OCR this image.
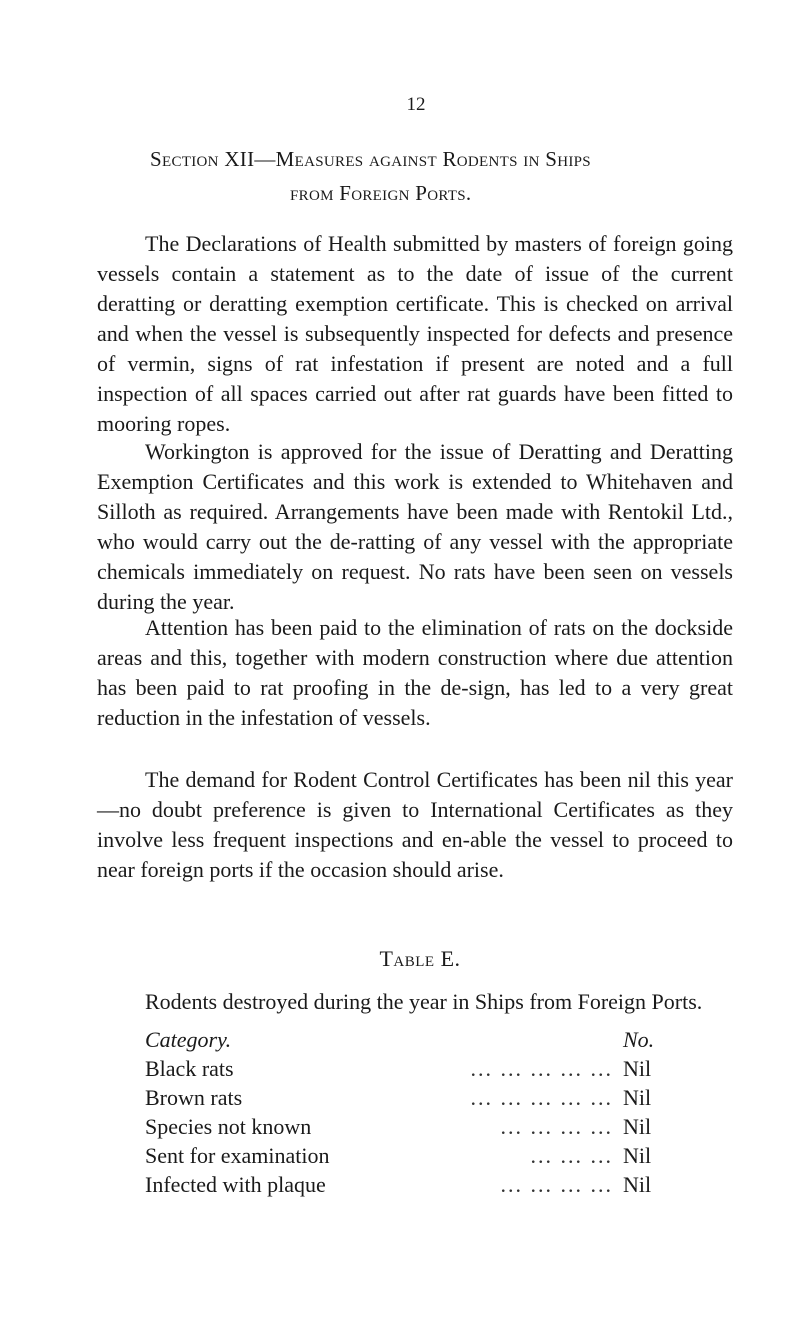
12
Section XII—Measures against Rodents in Ships
from Foreign Ports.

The Declarations of Health submitted by masters of foreign going vessels contain a statement as to the date of issue of the current deratting or deratting exemption certificate. This is checked on arrival and when the vessel is subsequently inspected for defects and presence of vermin, signs of rat infestation if present are noted and a full inspection of all spaces carried out after rat guards have been fitted to mooring ropes.

Workington is approved for the issue of Deratting and Deratting Exemption Certificates and this work is extended to Whitehaven and Silloth as required. Arrangements have been made with Rentokil Ltd., who would carry out the de-ratting of any vessel with the appropriate chemicals immediately on request. No rats have been seen on vessels during the year.

Attention has been paid to the elimination of rats on the dockside areas and this, together with modern construction where due attention has been paid to rat proofing in the de-sign, has led to a very great reduction in the infestation of vessels.

The demand for Rodent Control Certificates has been nil this year—no doubt preference is given to International Certificates as they involve less frequent inspections and en-able the vessel to proceed to near foreign ports if the occasion should arise.

Table E.

Rodents destroyed during the year in Ships from Foreign Ports.

Category.	No.
Black rats	... ... ... ... ... Nil
Brown rats	... ... ... ... ... Nil
Species not known	... ... ... ... Nil
Sent for examination	... ... ... Nil
Infected with plaque	... ... ... ... Nil
